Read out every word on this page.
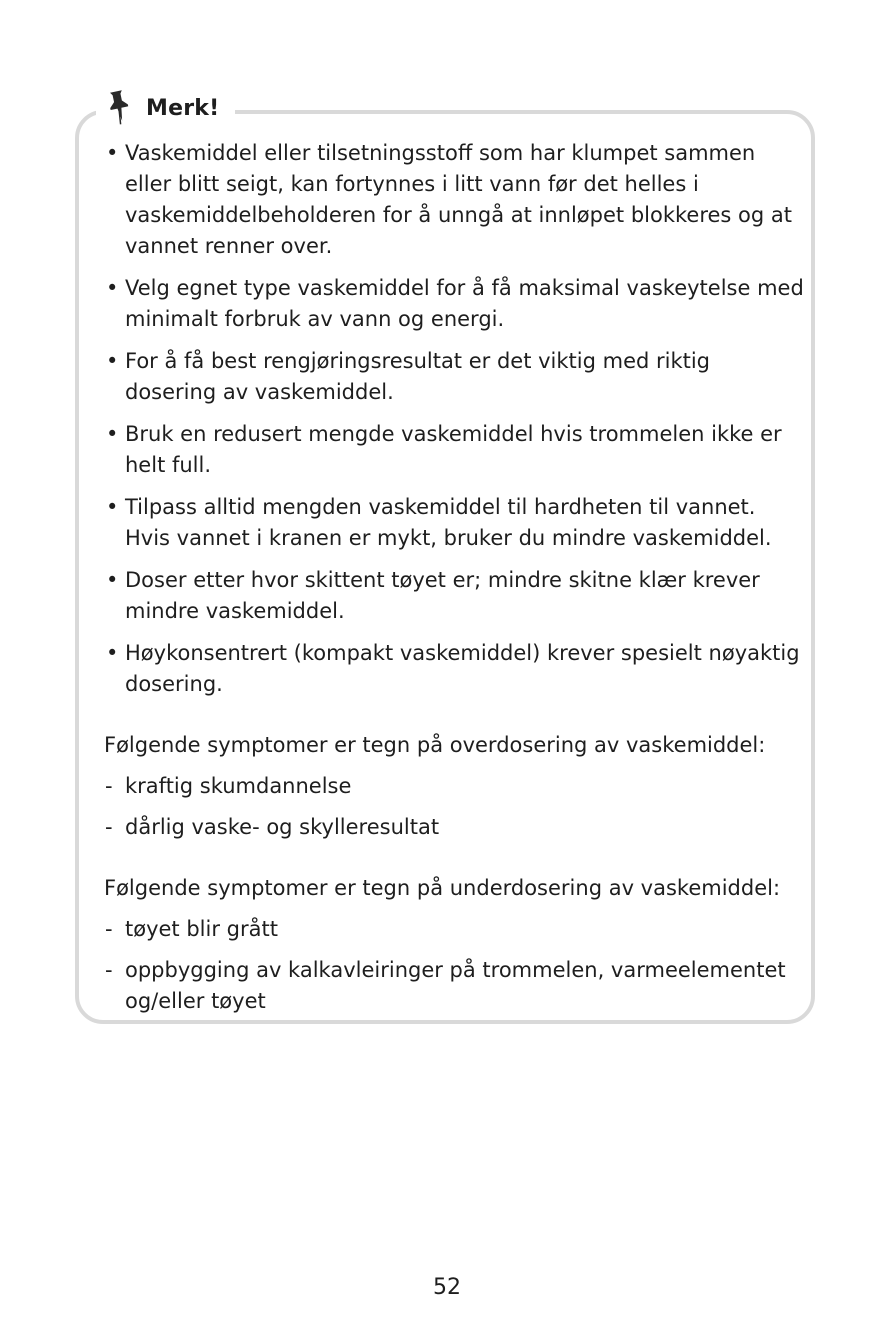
Merk!
• Vaskemiddel eller tilsetningsstoff som har klumpet sammen eller blitt seigt, kan fortynnes i litt vann før det helles i vaskemiddelbeholderen for å unngå at innløpet blokkeres og at vannet renner over.
• Velg egnet type vaskemiddel for å få maksimal vaskeytelse med minimalt forbruk av vann og energi.
• For å få best rengjøringsresultat er det viktig med riktig dosering av vaskemiddel.
• Bruk en redusert mengde vaskemiddel hvis trommelen ikke er helt full.
• Tilpass alltid mengden vaskemiddel til hardheten til vannet. Hvis vannet i kranen er mykt, bruker du mindre vaskemiddel.
• Doser etter hvor skittent tøyet er; mindre skitne klær krever mindre vaskemiddel.
• Høykonsentrert (kompakt vaskemiddel) krever spesielt nøyaktig dosering.

Følgende symptomer er tegn på overdosering av vaskemiddel:

- kraftig skumdannelse
- dårlig vaske- og skylleresultat

Følgende symptomer er tegn på underdosering av vaskemiddel:

- tøyet blir grått
- oppbygging av kalkavleiringer på trommelen, varmeelementet og/eller tøyet
52
